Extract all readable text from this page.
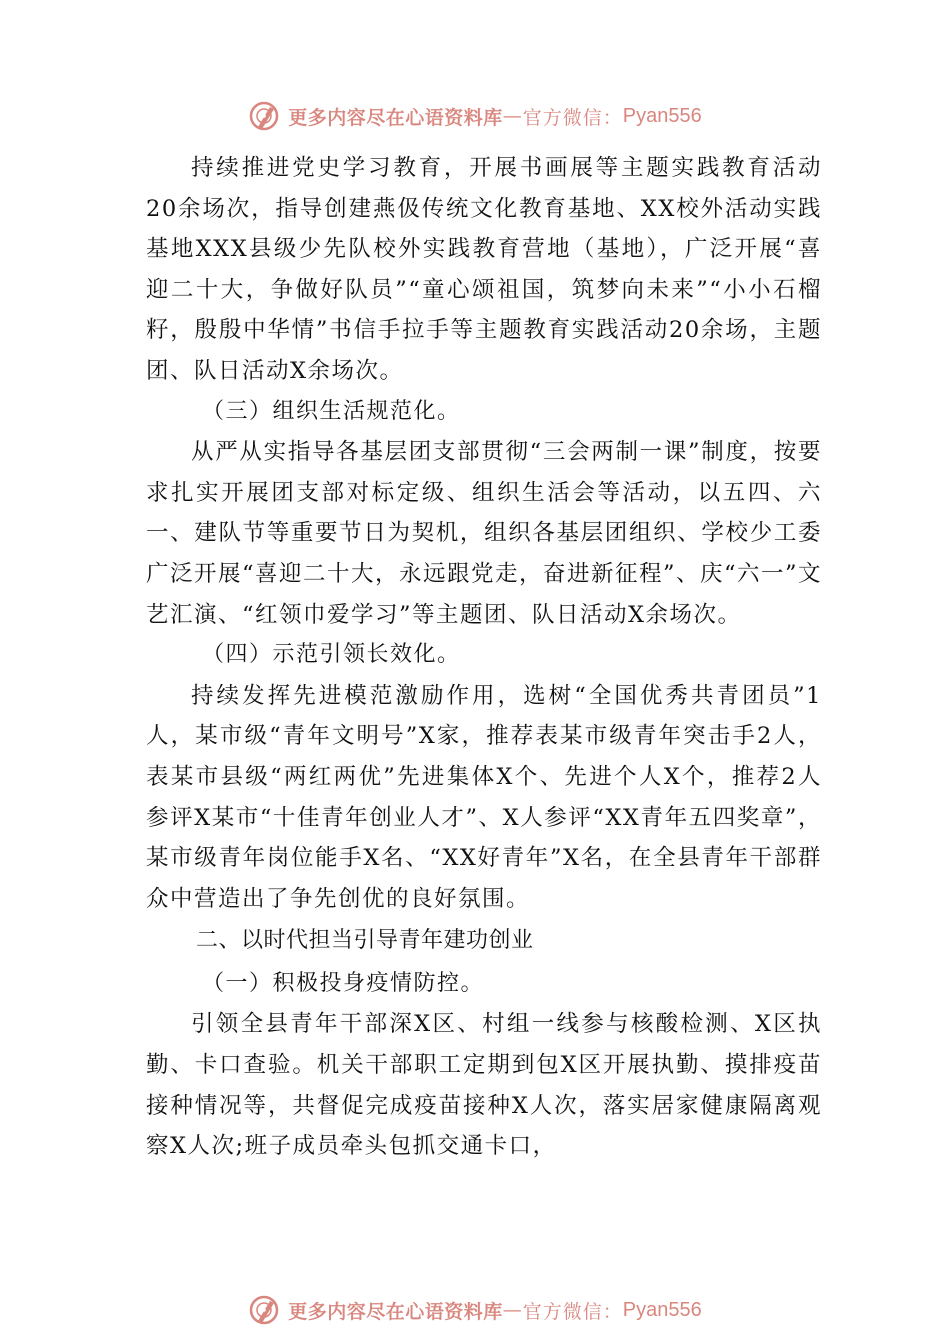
更多内容尽在心语资料库 — 官方微信： Pyan556

持续推进党史学习教育，开展书画展等主题实践教育活动20余场次，指导创建燕伋传统文化教育基地、XX校外活动实践基地XXX县级少先队校外实践教育营地（基地），广泛开展“喜迎二十大，争做好队员”“童心颂祖国，筑梦向未来”“小小石榴籽，殷殷中华情”书信手拉手等主题教育实践活动20余场，主题团、队日活动X余场次。

（三）组织生活规范化。

从严从实指导各基层团支部贯彻“三会两制一课”制度，按要求扎实开展团支部对标定级、组织生活会等活动，以五四、六一、建队节等重要节日为契机，组织各基层团组织、学校少工委广泛开展“喜迎二十大，永远跟党走，奋进新征程”、庆“六一”文艺汇演、“红领巾爱学习”等主题团、队日活动X余场次。

（四）示范引领长效化。

持续发挥先进模范激励作用，选树“全国优秀共青团员”1人，某市级“青年文明号”X家，推荐表某市级青年突击手2人，表某市县级“两红两优”先进集体X个、先进个人X个，推荐2人参评X某市“十佳青年创业人才”、X人参评“XX青年五四奖章”，某市级青年岗位能手X名、“XX好青年”X名，在全县青年干部群众中营造出了争先创优的良好氛围。

二、以时代担当引导青年建功创业

（一）积极投身疫情防控。

引领全县青年干部深X区、村组一线参与核酸检测、X区执勤、卡口查验。机关干部职工定期到包X区开展执勤、摸排疫苗接种情况等，共督促完成疫苗接种X人次，落实居家健康隔离观察X人次;班子成员牵头包抓交通卡口，

更多内容尽在心语资料库 — 官方微信： Pyan556
